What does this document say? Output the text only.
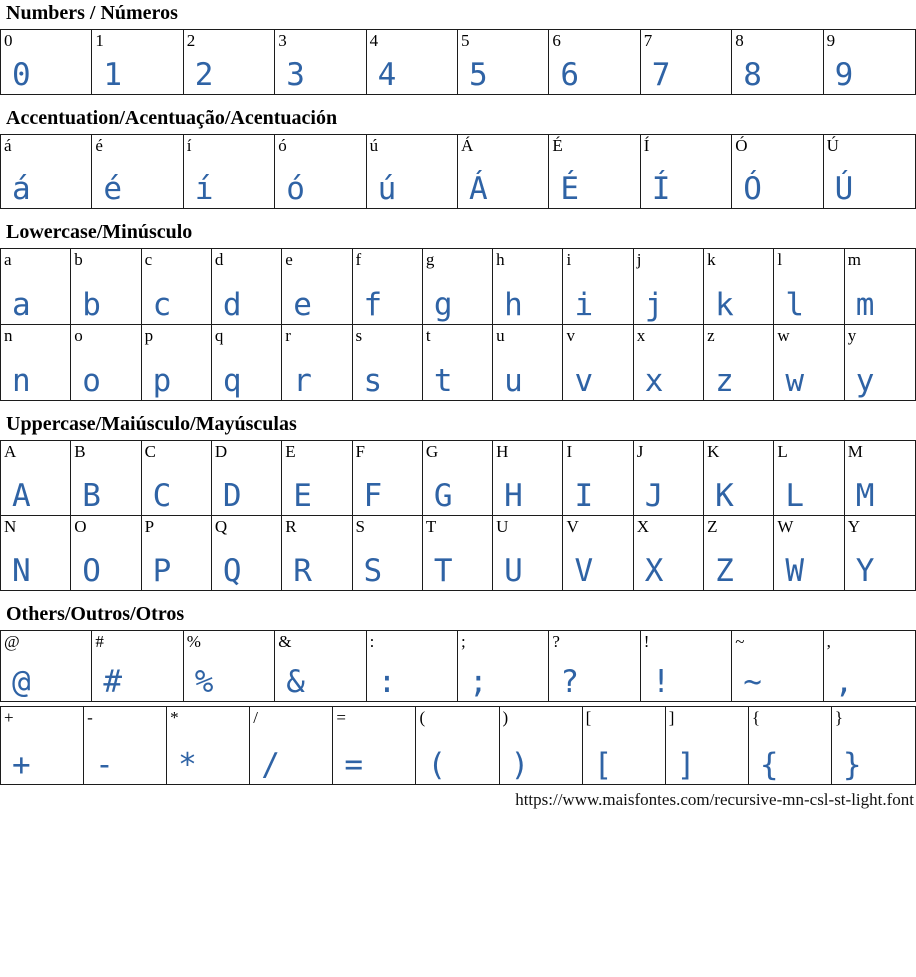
Numbers / Números
0
0
1
1
2
2
3
3
4
4
5
5
6
6
7
7
8
8
9
9
Accentuation/Acentuação/Acentuación
á
á
é
é
í
í
ó
ó
ú
ú
Á
Á
É
É
Í
Í
Ó
Ó
Ú
Ú
Lowercase/Minúsculo
a
a
b
b
c
c
d
d
e
e
f
f
g
g
h
h
i
i
j
j
k
k
l
l
m
m
n
n
o
o
p
p
q
q
r
r
s
s
t
t
u
u
v
v
x
x
z
z
w
w
y
y
Uppercase/Maiúsculo/Mayúsculas
A
A
B
B
C
C
D
D
E
E
F
F
G
G
H
H
I
I
J
J
K
K
L
L
M
M
N
N
O
O
P
P
Q
Q
R
R
S
S
T
T
U
U
V
V
X
X
Z
Z
W
W
Y
Y
Others/Outros/Otros
@
@
#
#
%
%
&
&
:
:
;
;
?
?
!
!
~
~
,
,
+
+
-
-
*
*
/
/
=
=
(
(
)
)
[
[
]
]
{
{
}
}
https://www.maisfontes.com/recursive-mn-csl-st-light.font
